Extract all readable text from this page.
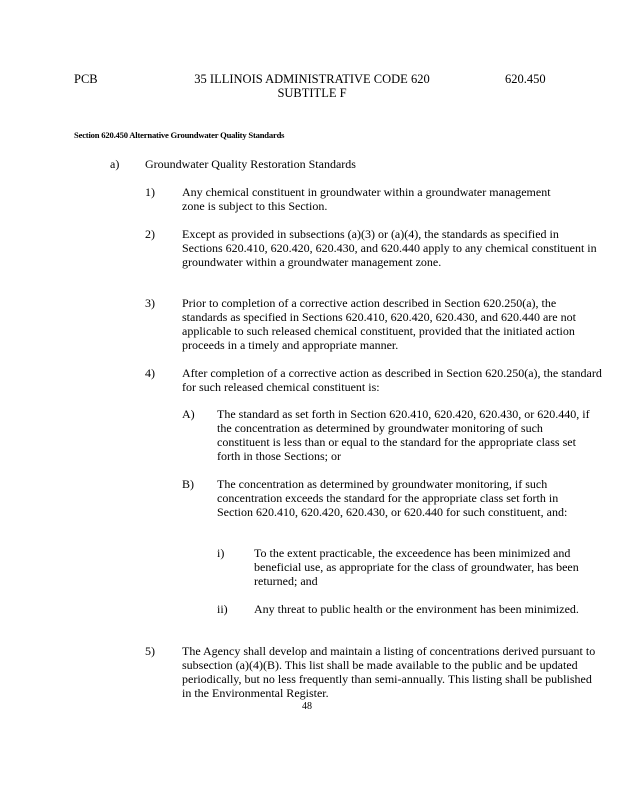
PCB	35 ILLINOIS ADMINISTRATIVE CODE 620
SUBTITLE F
620.450
Section 620.450 Alternative Groundwater Quality Standards
a) Groundwater Quality Restoration Standards
1) Any chemical constituent in groundwater within a groundwater management zone is subject to this Section.
2) Except as provided in subsections (a)(3) or (a)(4), the standards as specified in Sections 620.410, 620.420, 620.430, and 620.440 apply to any chemical constituent in groundwater within a groundwater management zone.
3) Prior to completion of a corrective action described in Section 620.250(a), the standards as specified in Sections 620.410, 620.420, 620.430, and 620.440 are not applicable to such released chemical constituent, provided that the initiated action proceeds in a timely and appropriate manner.
4) After completion of a corrective action as described in Section 620.250(a), the standard for such released chemical constituent is:
A) The standard as set forth in Section 620.410, 620.420, 620.430, or 620.440, if the concentration as determined by groundwater monitoring of such constituent is less than or equal to the standard for the appropriate class set forth in those Sections; or
B) The concentration as determined by groundwater monitoring, if such concentration exceeds the standard for the appropriate class set forth in Section 620.410, 620.420, 620.430, or 620.440 for such constituent, and:
i) To the extent practicable, the exceedence has been minimized and beneficial use, as appropriate for the class of groundwater, has been returned; and
ii) Any threat to public health or the environment has been minimized.
5) The Agency shall develop and maintain a listing of concentrations derived pursuant to subsection (a)(4)(B). This list shall be made available to the public and be updated periodically, but no less frequently than semi-annually. This listing shall be published in the Environmental Register.
48
